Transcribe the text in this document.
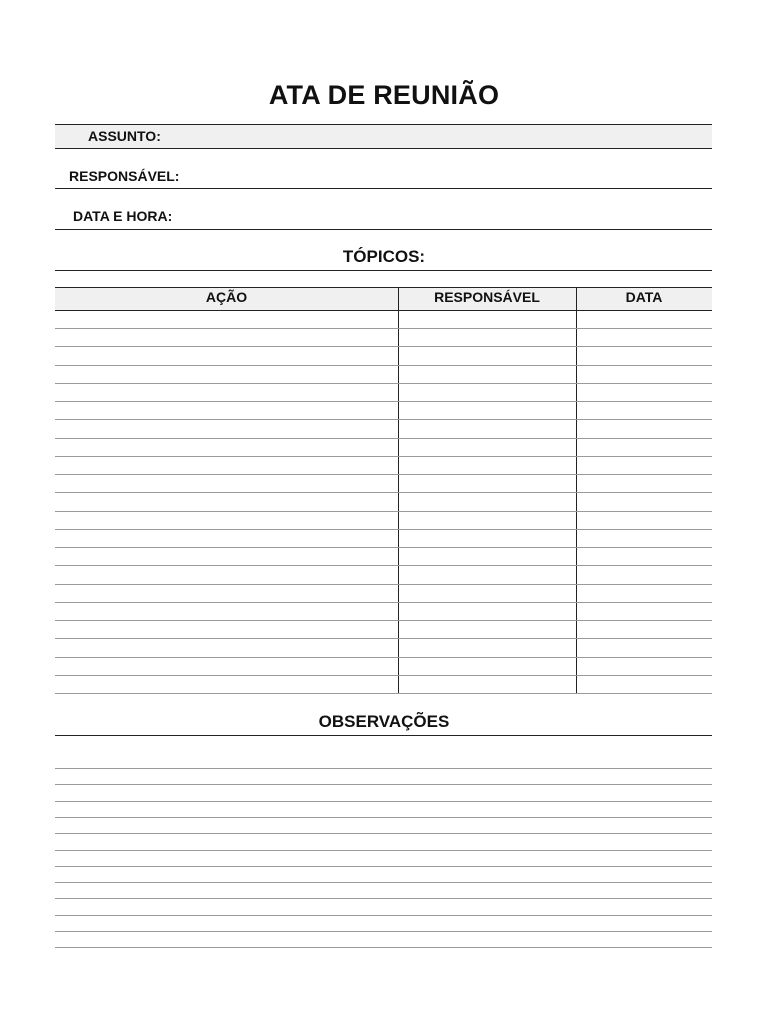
ATA DE REUNIÃO
ASSUNTO:
RESPONSÁVEL:
DATA E HORA:
TÓPICOS:
AÇÃO	RESPONSÁVEL	DATA
OBSERVAÇÕES
